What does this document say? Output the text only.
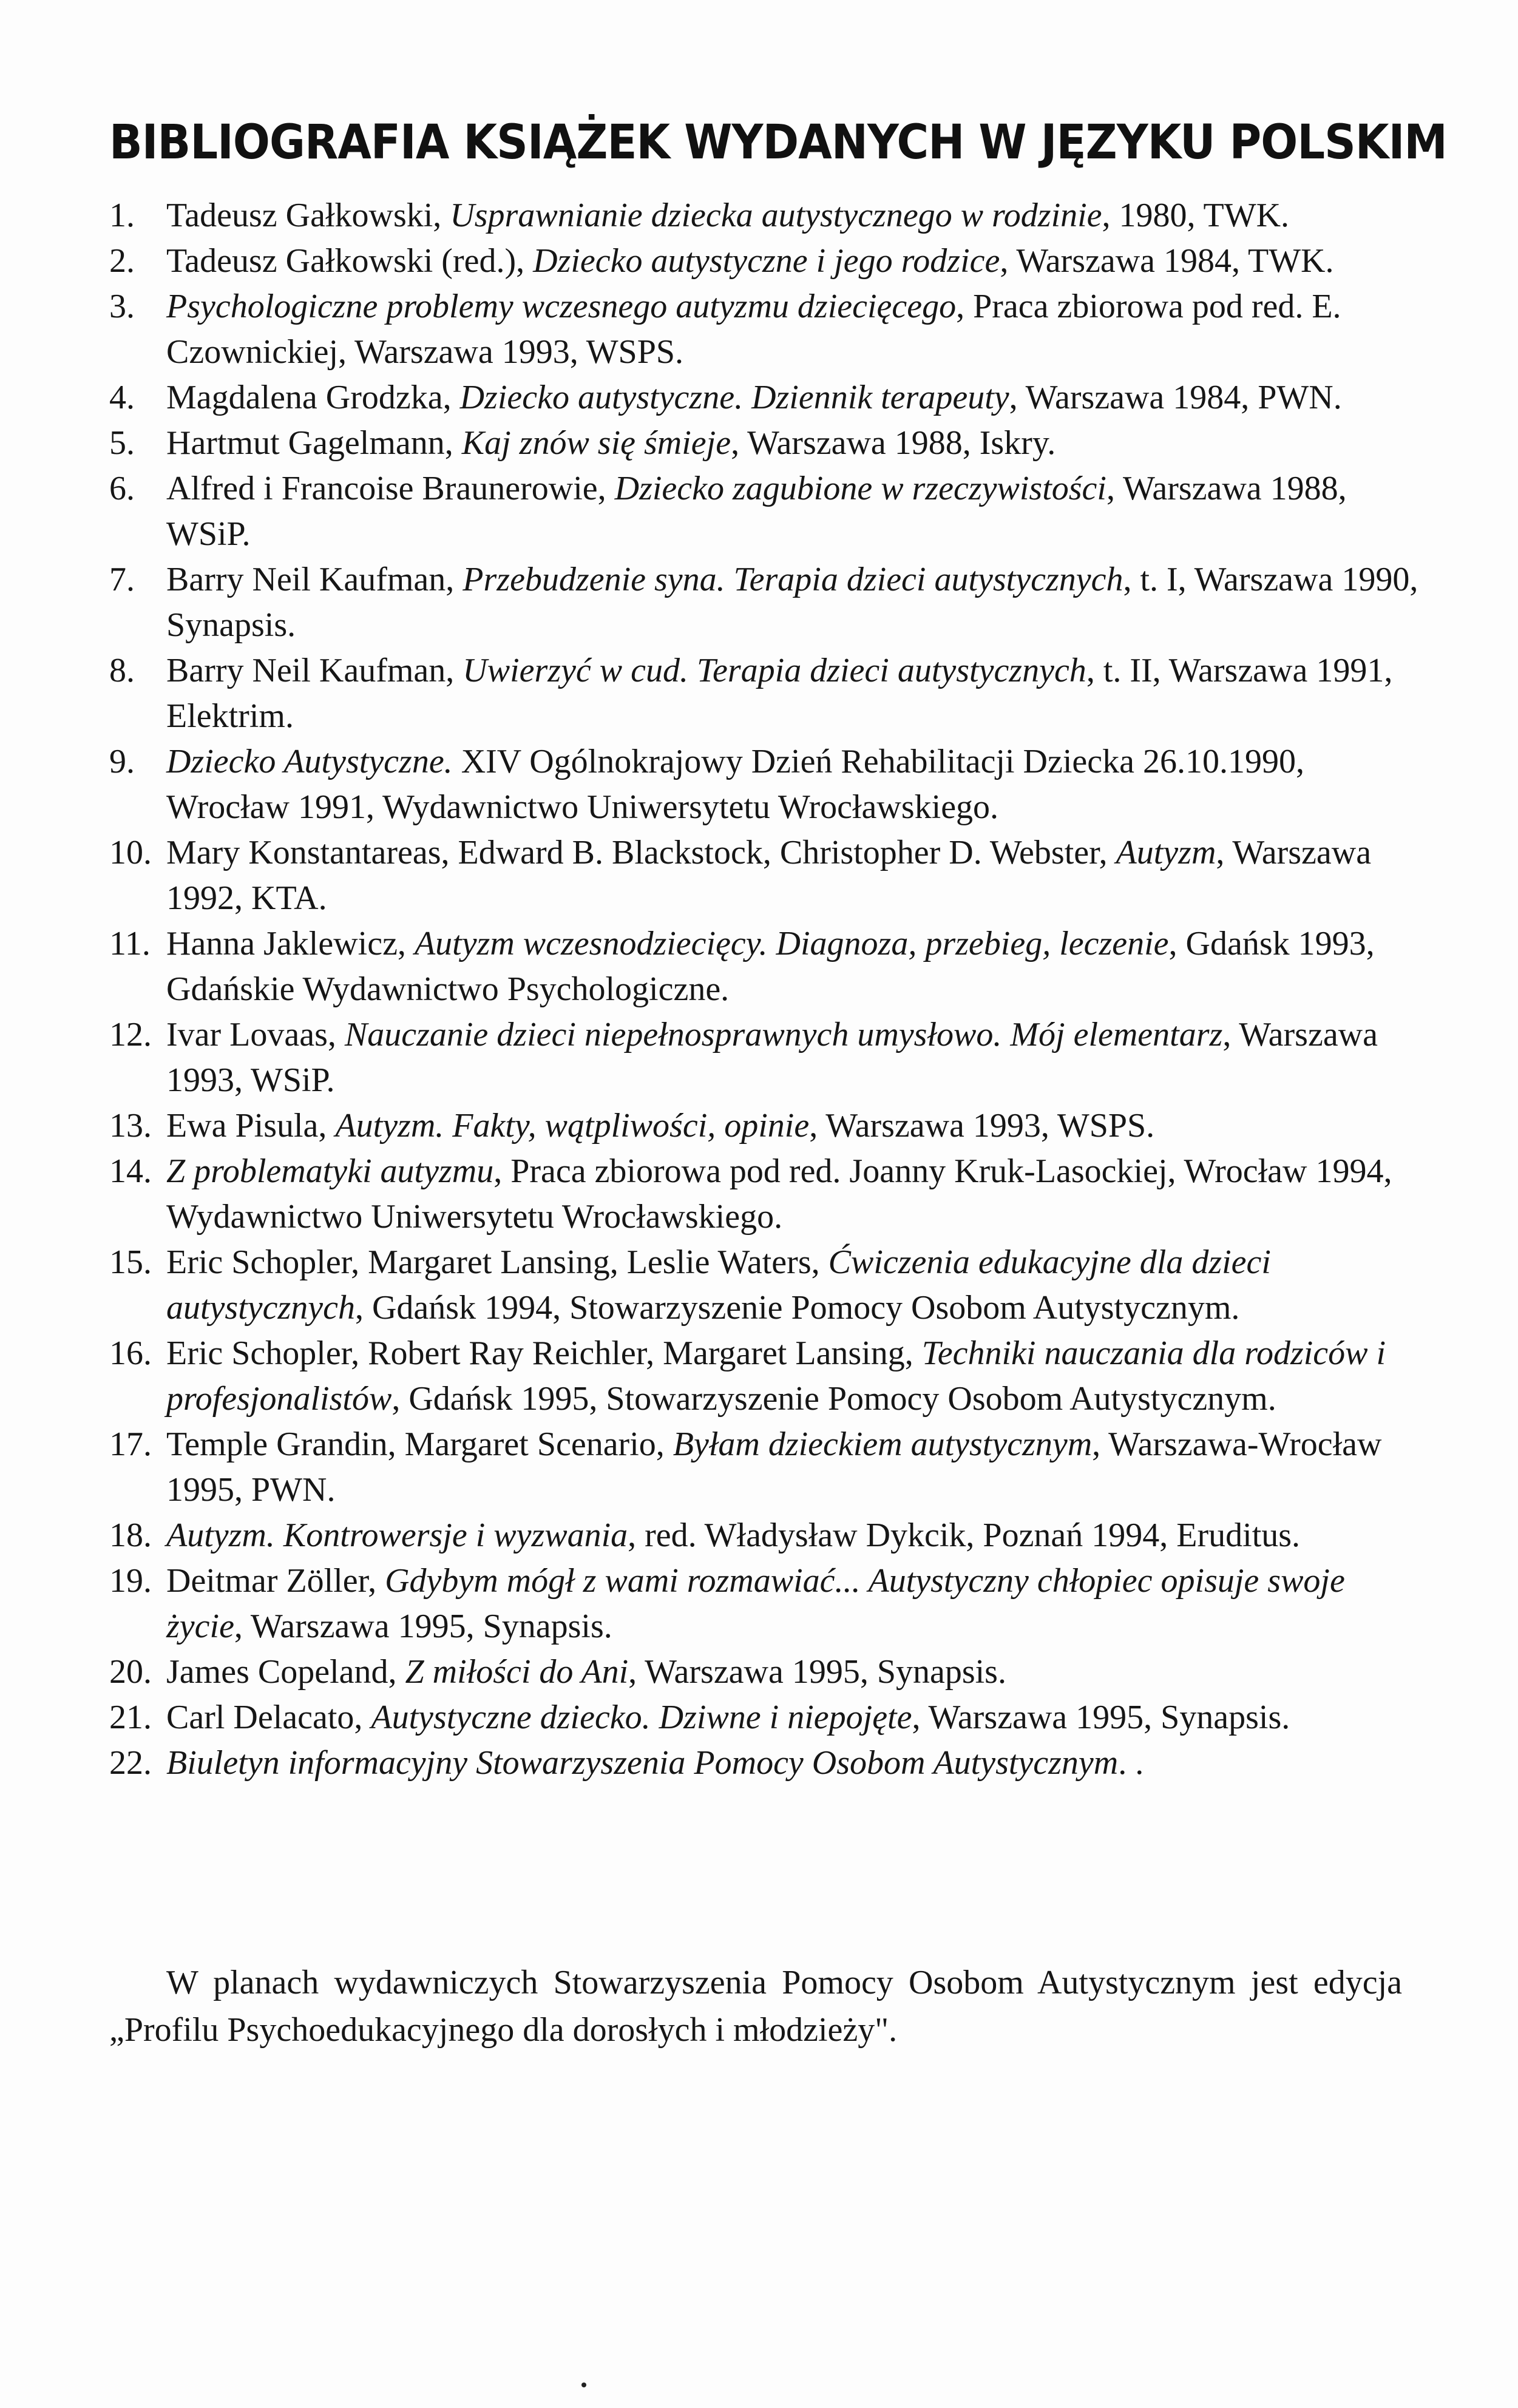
BIBLIOGRAFIA KSIĄŻEK WYDANYCH W JĘZYKU POLSKIM
1. Tadeusz Gałkowski, Usprawnianie dziecka autystycznego w rodzinie, 1980, TWK.
2. Tadeusz Gałkowski (red.), Dziecko autystyczne i jego rodzice, Warszawa 1984, TWK.
3. Psychologiczne problemy wczesnego autyzmu dziecięcego, Praca zbiorowa pod red. E. Czownickiej, Warszawa 1993, WSPS.
4. Magdalena Grodzka, Dziecko autystyczne. Dziennik terapeuty, Warszawa 1984, PWN.
5. Hartmut Gagelmann, Kaj znów się śmieje, Warszawa 1988, Iskry.
6. Alfred i Francoise Braunerowie, Dziecko zagubione w rzeczywistości, Warszawa 1988, WSiP.
7. Barry Neil Kaufman, Przebudzenie syna. Terapia dzieci autystycznych, t. I, Warszawa 1990, Synapsis.
8. Barry Neil Kaufman, Uwierzyć w cud. Terapia dzieci autystycznych, t. II, Warszawa 1991, Elektrim.
9. Dziecko Autystyczne. XIV Ogólnokrajowy Dzień Rehabilitacji Dziecka 26.10.1990, Wrocław 1991, Wydawnictwo Uniwersytetu Wrocławskiego.
10. Mary Konstantareas, Edward B. Blackstock, Christopher D. Webster, Autyzm, Warszawa 1992, KTA.
11. Hanna Jaklewicz, Autyzm wczesnodziecięcy. Diagnoza, przebieg, leczenie, Gdańsk 1993, Gdańskie Wydawnictwo Psychologiczne.
12. Ivar Lovaas, Nauczanie dzieci niepełnosprawnych umysłowo. Mój elementarz, Warszawa 1993, WSiP.
13. Ewa Pisula, Autyzm. Fakty, wątpliwości, opinie, Warszawa 1993, WSPS.
14. Z problematyki autyzmu, Praca zbiorowa pod red. Joanny Kruk-Lasockiej, Wrocław 1994, Wydawnictwo Uniwersytetu Wrocławskiego.
15. Eric Schopler, Margaret Lansing, Leslie Waters, Ćwiczenia edukacyjne dla dzieci autystycznych, Gdańsk 1994, Stowarzyszenie Pomocy Osobom Autystycznym.
16. Eric Schopler, Robert Ray Reichler, Margaret Lansing, Techniki nauczania dla rodziców i profesjonalistów, Gdańsk 1995, Stowarzyszenie Pomocy Osobom Autystycznym.
17. Temple Grandin, Margaret Scenario, Byłam dzieckiem autystycznym, Warszawa-Wrocław 1995, PWN.
18. Autyzm. Kontrowersje i wyzwania, red. Władysław Dykcik, Poznań 1994, Eruditus.
19. Deitmar Zöller, Gdybym mógł z wami rozmawiać... Autystyczny chłopiec opisuje swoje życie, Warszawa 1995, Synapsis.
20. James Copeland, Z miłości do Ani, Warszawa 1995, Synapsis.
21. Carl Delacato, Autystyczne dziecko. Dziwne i niepojęte, Warszawa 1995, Synapsis.
22. Biuletyn informacyjny Stowarzyszenia Pomocy Osobom Autystycznym. .

W planach wydawniczych Stowarzyszenia Pomocy Osobom Autystycznym jest edycja „Profilu Psychoedukacyjnego dla dorosłych i młodzieży".
